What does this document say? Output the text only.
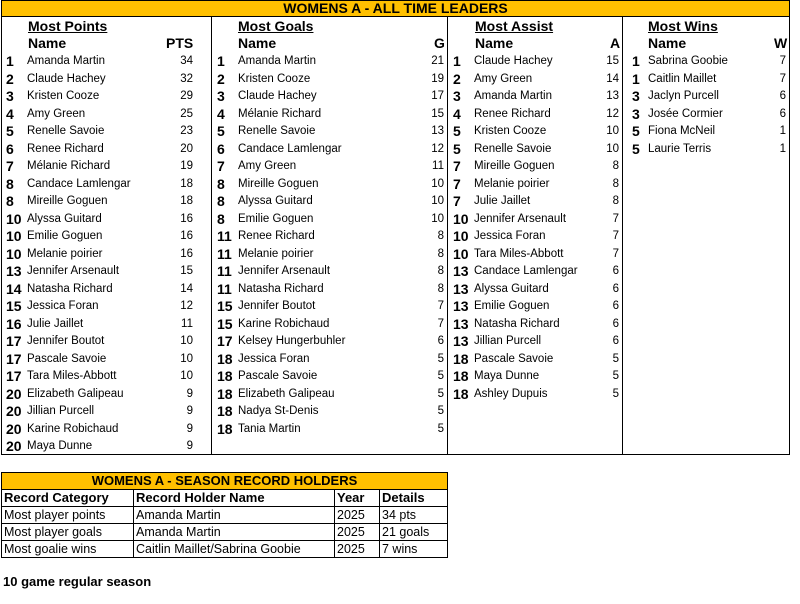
WOMENS A - ALL TIME LEADERS
Most Points
Name	PTS
1 Amanda Martin	34
2 Claude Hachey	32
3 Kristen Cooze	29
4 Amy Green	25
5 Renelle Savoie	23
6 Renee Richard	20
7 Mélanie Richard	19
8 Candace Lamlengar	18
8 Mireille Goguen	18
10 Alyssa Guitard	16
10 Emilie Goguen	16
10 Melanie poirier	16
13 Jennifer Arsenault	15
14 Natasha Richard	14
15 Jessica Foran	12
16 Julie Jaillet	11
17 Jennifer Boutot	10
17 Pascale Savoie	10
17 Tara Miles-Abbott	10
20 Elizabeth Galipeau	9
20 Jillian Purcell	9
20 Karine Robichaud	9
20 Maya Dunne	9
Most Goals
Name	G
1 Amanda Martin	21
2 Kristen Cooze	19
3 Claude Hachey	17
4 Mélanie Richard	15
5 Renelle Savoie	13
6 Candace Lamlengar	12
7 Amy Green	11
8 Mireille Goguen	10
8 Alyssa Guitard	10
8 Emilie Goguen	10
11 Renee Richard	8
11 Melanie poirier	8
11 Jennifer Arsenault	8
11 Natasha Richard	8
15 Jennifer Boutot	7
15 Karine Robichaud	7
17 Kelsey Hungerbuhler	6
18 Jessica Foran	5
18 Pascale Savoie	5
18 Elizabeth Galipeau	5
18 Nadya St-Denis	5
18 Tania Martin	5
Most Assist
Name	A
1 Claude Hachey	15
2 Amy Green	14
3 Amanda Martin	13
4 Renee Richard	12
5 Kristen Cooze	10
5 Renelle Savoie	10
7 Mireille Goguen	8
7 Melanie poirier	8
7 Julie Jaillet	8
10 Jennifer Arsenault	7
10 Jessica Foran	7
10 Tara Miles-Abbott	7
13 Candace Lamlengar	6
13 Alyssa Guitard	6
13 Emilie Goguen	6
13 Natasha Richard	6
13 Jillian Purcell	6
18 Pascale Savoie	5
18 Maya Dunne	5
18 Ashley Dupuis	5
Most Wins
Name	W
1 Sabrina Goobie	7
1 Caitlin Maillet	7
3 Jaclyn Purcell	6
3 Josée Cormier	6
5 Fiona McNeil	1
5 Laurie Terris	1
WOMENS A - SEASON RECORD HOLDERS			
Record Category	Record Holder Name	Year	Details
Most player points	Amanda Martin	2025	34 pts
Most player goals	Amanda Martin	2025	21 goals
Most goalie wins	Caitlin Maillet/Sabrina Goobie	2025	7 wins
10 game regular season
